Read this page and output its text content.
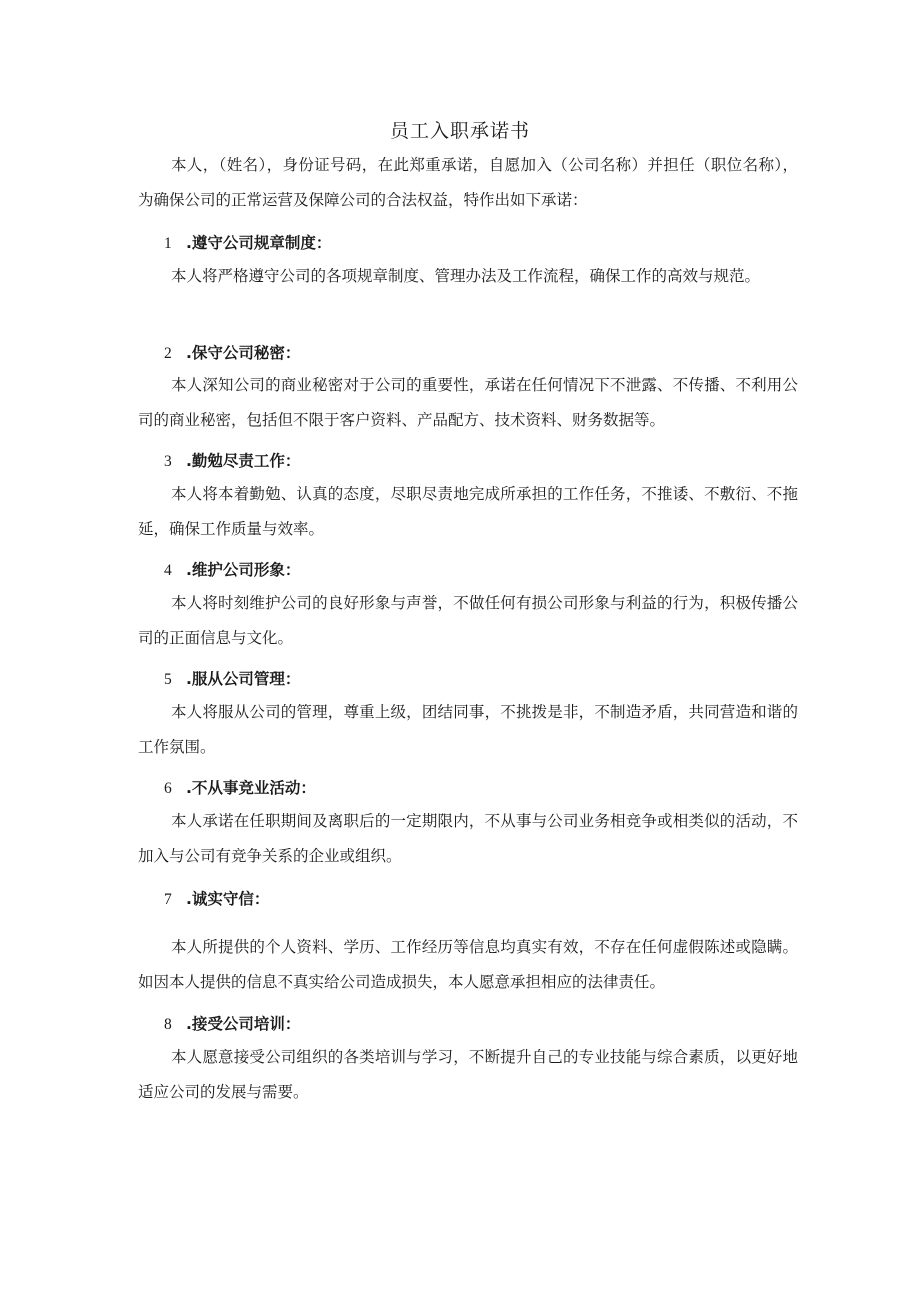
员工入职承诺书

本人，（姓名），身份证号码，在此郑重承诺，自愿加入（公司名称）并担任（职位名称），为确保公司的正常运营及保障公司的合法权益，特作出如下承诺：

1 .遵守公司规章制度：

本人将严格遵守公司的各项规章制度、管理办法及工作流程，确保工作的高效与规范。

2 .保守公司秘密：

本人深知公司的商业秘密对于公司的重要性，承诺在任何情况下不泄露、不传播、不利用公司的商业秘密，包括但不限于客户资料、产品配方、技术资料、财务数据等。

3 .勤勉尽责工作：

本人将本着勤勉、认真的态度，尽职尽责地完成所承担的工作任务，不推诿、不敷衍、不拖延，确保工作质量与效率。

4 .维护公司形象：

本人将时刻维护公司的良好形象与声誉，不做任何有损公司形象与利益的行为，积极传播公司的正面信息与文化。

5 .服从公司管理：

本人将服从公司的管理，尊重上级，团结同事，不挑拨是非，不制造矛盾，共同营造和谐的工作氛围。

6 .不从事竞业活动：

本人承诺在任职期间及离职后的一定期限内，不从事与公司业务相竞争或相类似的活动，不加入与公司有竞争关系的企业或组织。

7 .诚实守信：

本人所提供的个人资料、学历、工作经历等信息均真实有效，不存在任何虚假陈述或隐瞒。如因本人提供的信息不真实给公司造成损失，本人愿意承担相应的法律责任。

8 .接受公司培训：

本人愿意接受公司组织的各类培训与学习，不断提升自己的专业技能与综合素质，以更好地适应公司的发展与需要。
